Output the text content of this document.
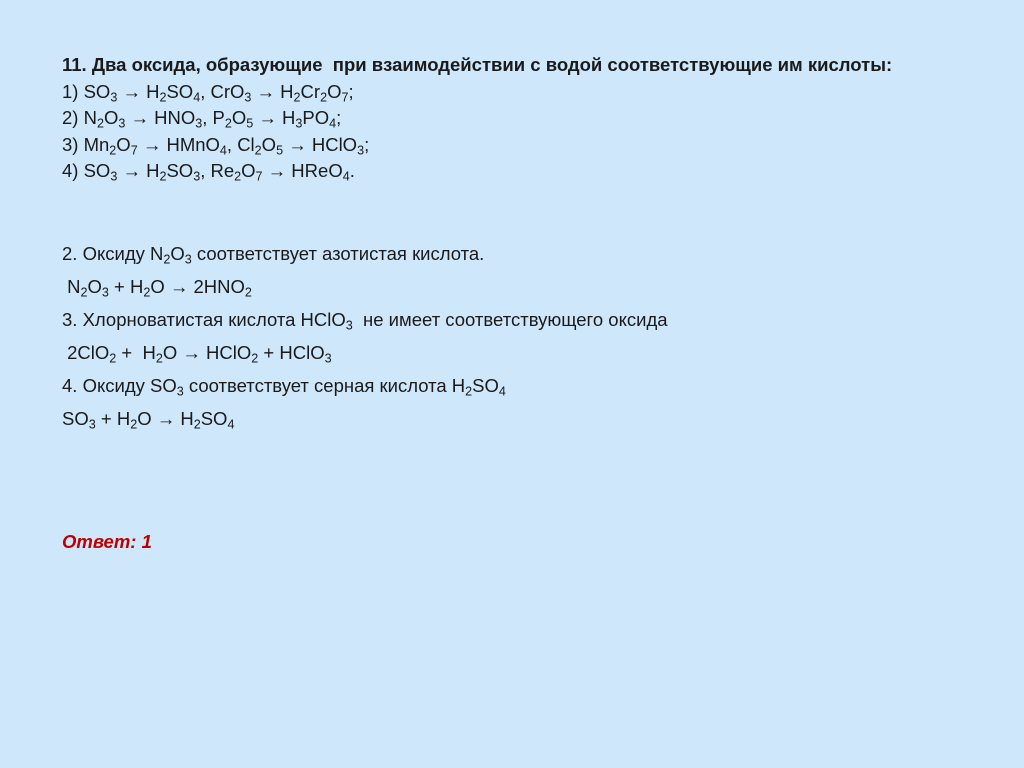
11. Два оксида, образующие  при взаимодействии с водой соответствующие им кислоты:
1) $SO_3 \to H_2SO_4$, $CrO_3 \to H_2Cr_2O_7$;
2) $N_2O_3 \to HNO_3$, $P_2O_5 \to H_3PO_4$;
3) $Mn_2O_7$ → HMnO$_4$, $Cl_2O_5$ → HClO$_3$;
4) $SO_3 \to H_2SO_3$, $Re_2O_7$ → HReO$_4$.
2. Оксиду $N_2O_3$ соответствует азотистая кислота.
$N_2O_3 + H_2O \to 2HNO_2$
3. Хлорноватистая кислота HClO$_3$  не имеет соответствующего оксида
$2ClO_2 + H_2O$ → HClO$_2$ + HClO$_3$
4. Оксиду $SO_3$ соответствует серная кислота $H_2SO_4$
$SO_3 + H_2O \to H_2SO_4$
Ответ: 1
